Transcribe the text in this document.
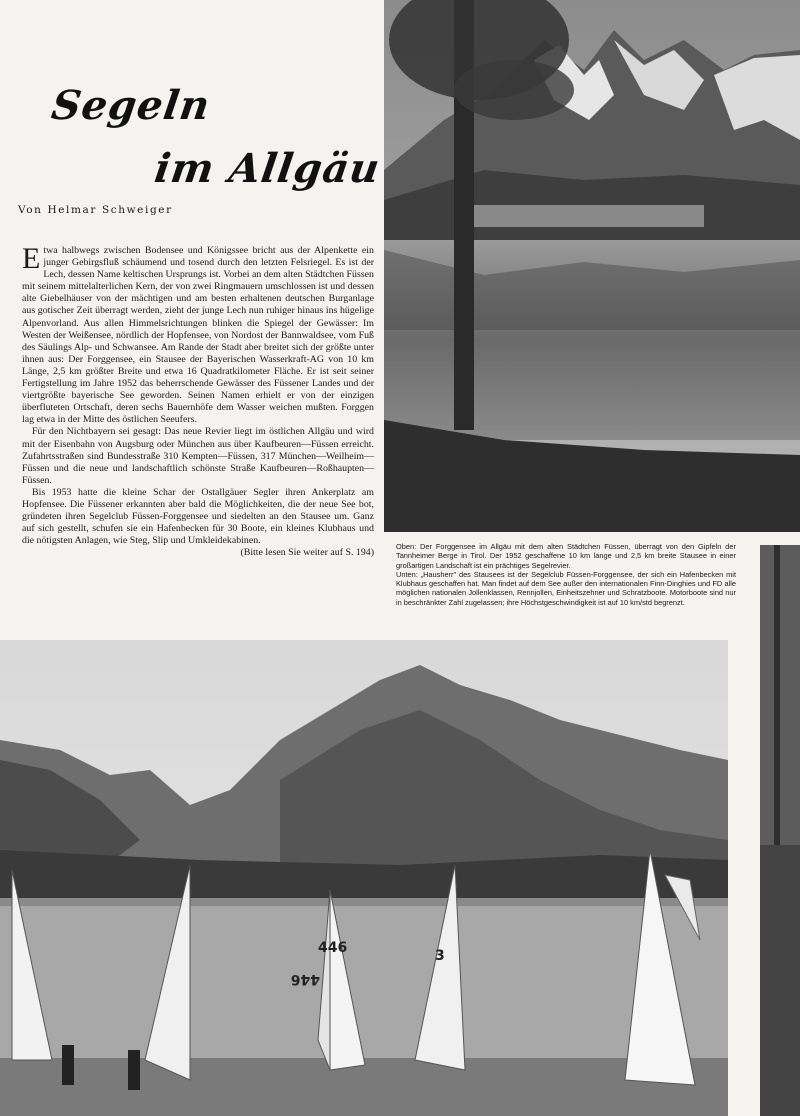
Segeln
im Allgäu
Von Helmar Schweiger

Etwa halbwegs zwischen Bodensee und Königssee bricht aus der Alpenkette ein junger Gebirgsfluß schäumend und tosend durch den letzten Felsriegel. Es ist der Lech, dessen Name keltischen Ursprungs ist. Vorbei an dem alten Städtchen Füssen mit seinem mittelalterlichen Kern, der von zwei Ringmauern umschlossen ist und dessen alte Giebelhäuser von der mächtigen und am besten erhaltenen deutschen Burganlage aus gotischer Zeit überragt werden, zieht der junge Lech nun ruhiger hinaus ins hügelige Alpenvorland. Aus allen Himmelsrichtungen blinken die Spiegel der Gewässer: Im Westen der Weißensee, nördlich der Hopfensee, von Nordost der Bannwaldsee, vom Fuß des Säulings Alp- und Schwansee. Am Rande der Stadt aber breitet sich der größte unter ihnen aus: Der Forggensee, ein Stausee der Bayerischen Wasserkraft-AG von 10 km Länge, 2,5 km größter Breite und etwa 16 Quadratkilometer Fläche. Er ist seit seiner Fertigstellung im Jahre 1952 das beherrschende Gewässer des Füssener Landes und der viertgrößte bayerische See geworden. Seinen Namen erhielt er von der einzigen überfluteten Ortschaft, deren sechs Bauernhöfe dem Wasser weichen mußten. Forggen lag etwa in der Mitte des östlichen Seeufers.

Für den Nichtbayern sei gesagt: Das neue Revier liegt im östlichen Allgäu und wird mit der Eisenbahn von Augsburg oder München aus über Kaufbeuren—Füssen erreicht. Zufahrtsstraßen sind Bundesstraße 310 Kempten—Füssen, 317 München—Weilheim—Füssen und die neue und landschaftlich schönste Straße Kaufbeuren—Roßhaupten—Füssen.

Bis 1953 hatte die kleine Schar der Ostallgäuer Segler ihren Ankerplatz am Hopfensee. Die Füssener erkannten aber bald die Möglichkeiten, die der neue See bot, gründeten ihren Segelclub Füssen-Forggensee und siedelten an den Stausee um. Ganz auf sich gestellt, schufen sie ein Hafenbecken für 30 Boote, ein kleines Klubhaus und die nötigsten Anlagen, wie Steg, Slip und Umkleidekabinen.
(Bitte lesen Sie weiter auf S. 194)

Oben: Der Forggensee im Allgäu mit dem alten Städtchen Füssen, überragt von den Gipfeln der Tannheimer Berge in Tirol. Der 1952 geschaffene 10 km lange und 2,5 km breite Stausee in einer großartigen Landschaft ist ein prächtiges Segelrevier.

Unten: „Hausherr" des Stausees ist der Segelclub Füssen-Forggensee, der sich ein Hafenbecken mit Klubhaus geschaffen hat. Man findet auf dem See außer den internationalen Finn-Dinghies und FD alle möglichen nationalen Jollenklassen, Rennjollen, Einheitszehner und Schratzboote. Motorboote sind nur in beschränkter Zahl zugelassen; ihre Höchstgeschwindigkeit ist auf 10 km/std begrenzt.

446
446
3
